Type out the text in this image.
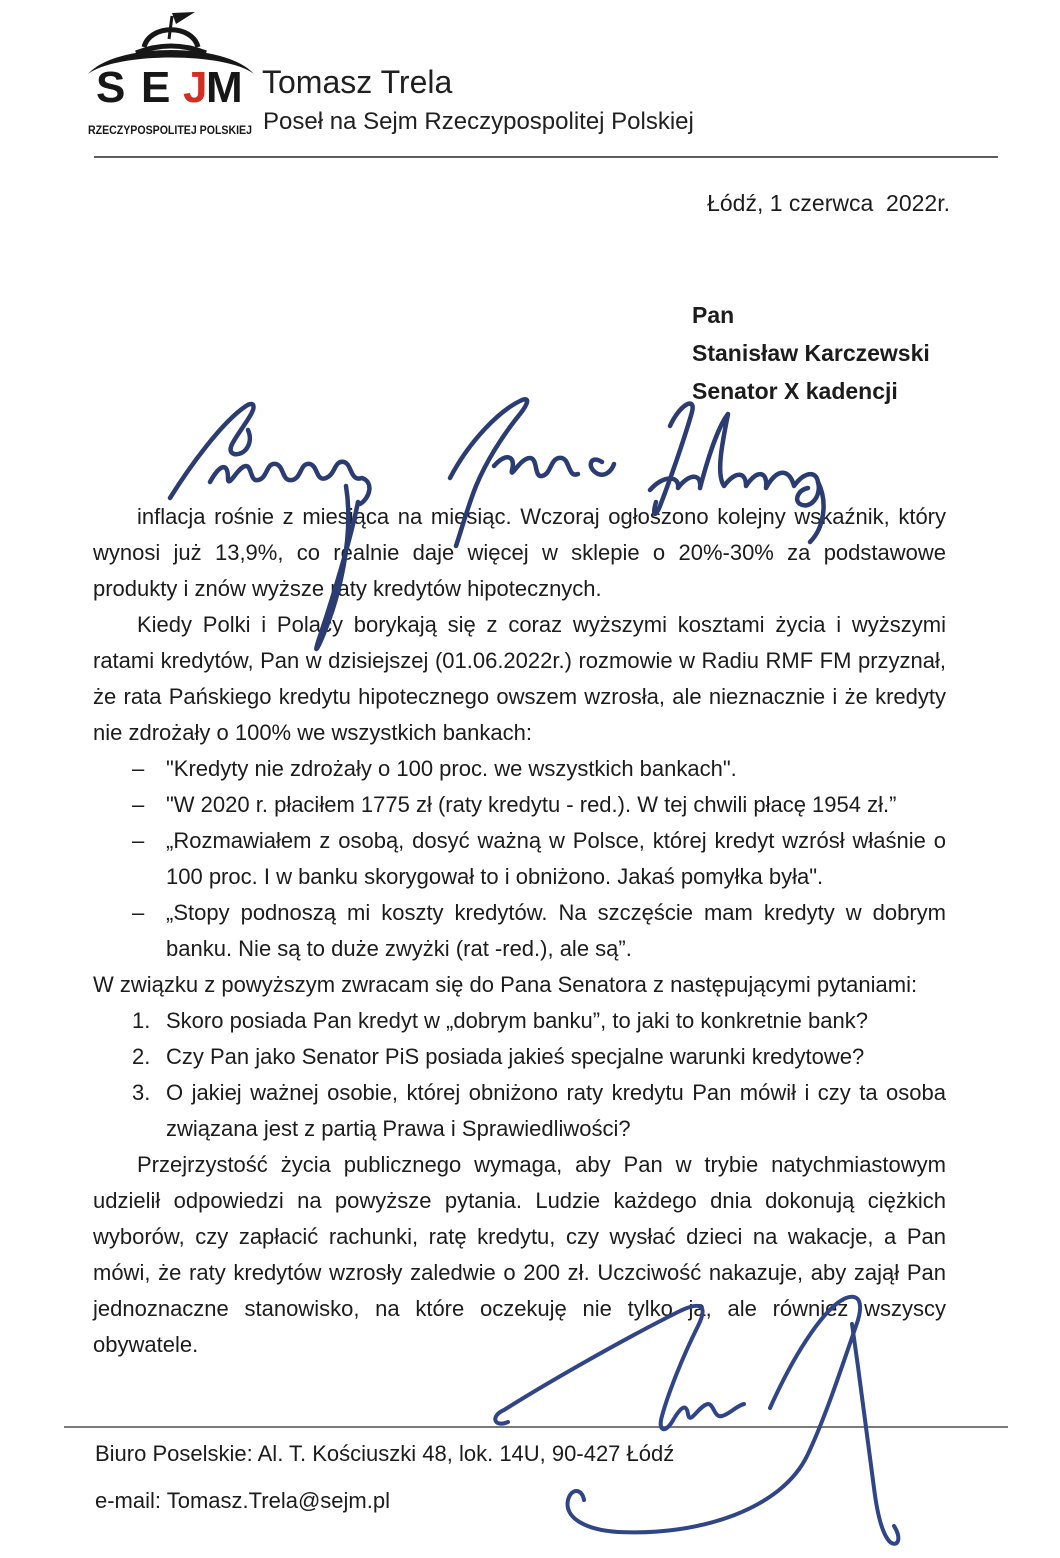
S E J
M
RZECZYPOSPOLITEJ POLSKIEJ
Tomasz Trela
Poseł na Sejm Rzeczypospolitej Polskiej
Łódź, 1 czerwca  2022r.
Pan
Stanisław Karczewski
Senator X kadencji

inflacja rośnie z miesiąca na miesiąc. Wczoraj ogłoszono kolejny wskaźnik, który wynosi już 13,9%, co realnie daje więcej w sklepie o 20%-30% za podstawowe produkty i znów wyższe raty kredytów hipotecznych.

Kiedy Polki i Polacy borykają się z coraz wyższymi kosztami życia i wyższymi ratami kredytów, Pan w dzisiejszej (01.06.2022r.) rozmowie w Radiu RMF FM przyznał, że rata Pańskiego kredytu hipotecznego owszem wzrosła, ale nieznacznie i że kredyty nie zdrożały o 100% we wszystkich bankach:

– "Kredyty nie zdrożały o 100 proc. we wszystkich bankach".
– "W 2020 r. płaciłem 1775 zł (raty kredytu - red.). W tej chwili płacę 1954 zł.”
– „Rozmawiałem z osobą, dosyć ważną w Polsce, której kredyt wzrósł właśnie o 100 proc. I w banku skorygował to i obniżono. Jakaś pomyłka była".
– „Stopy podnoszą mi koszty kredytów. Na szczęście mam kredyty w dobrym banku. Nie są to duże zwyżki (rat -red.), ale są”.

W związku z powyższym zwracam się do Pana Senatora z następującymi pytaniami:

1. Skoro posiada Pan kredyt w „dobrym banku”, to jaki to konkretnie bank?
2. Czy Pan jako Senator PiS posiada jakieś specjalne warunki kredytowe?
3. O jakiej ważnej osobie, której obniżono raty kredytu Pan mówił i czy ta osoba związana jest z partią Prawa i Sprawiedliwości?

Przejrzystość życia publicznego wymaga, aby Pan w trybie natychmiastowym udzielił odpowiedzi na powyższe pytania. Ludzie każdego dnia dokonują ciężkich wyborów, czy zapłacić rachunki, ratę kredytu, czy wysłać dzieci na wakacje, a Pan mówi, że raty kredytów wzrosły zaledwie o 200 zł. Uczciwość nakazuje, aby zajął Pan jednoznaczne stanowisko, na które oczekuję nie tylko ja, ale również wszyscy obywatele.

Biuro Poselskie: Al. T. Kościuszki 48, lok. 14U, 90-427 Łódź
e-mail: Tomasz.Trela@sejm.pl
